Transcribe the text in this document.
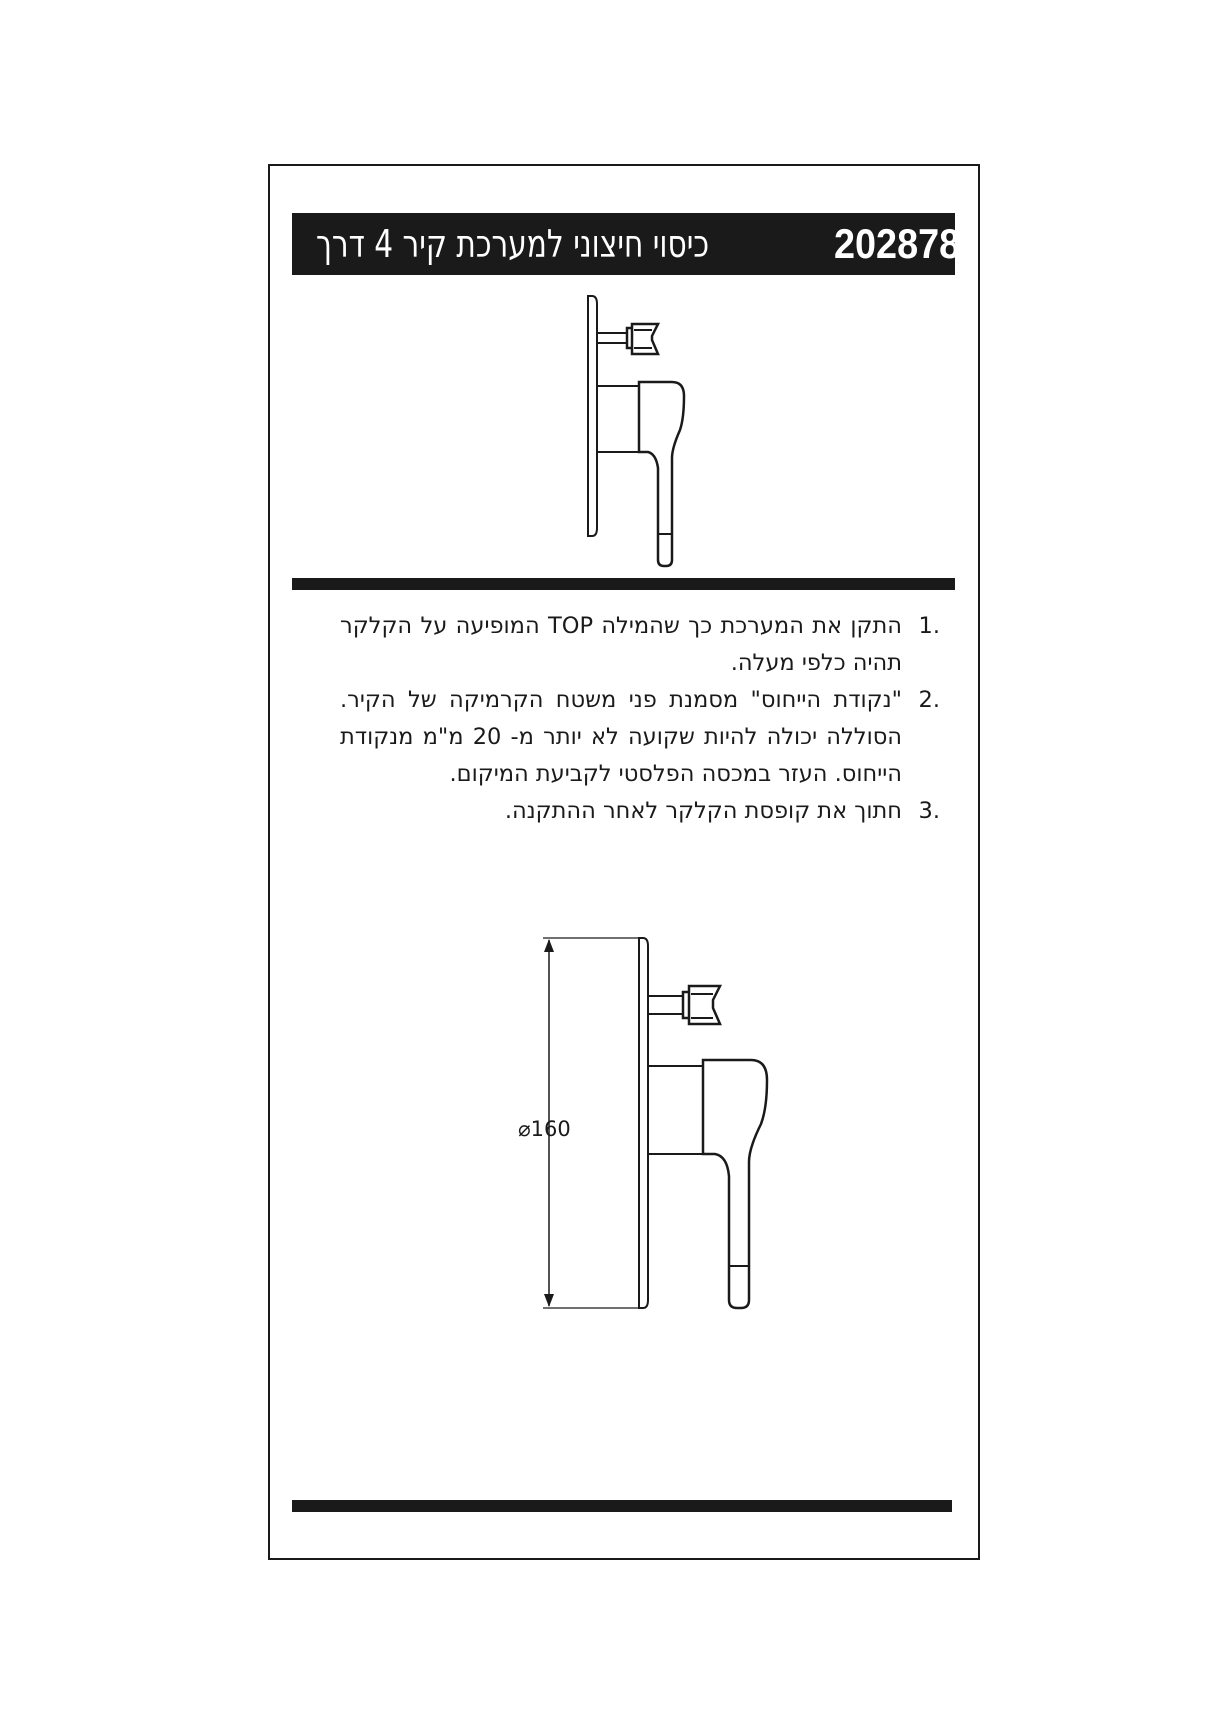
כיסוי חיצוני למערכת קיר 4 דרך	202878
1.
התקן את המערכת כך שהמילה TOP המופיעה על הקלקר תהיה כלפי מעלה.
2.
"נקודת הייחוס" מסמנת פני משטח הקרמיקה של הקיר. הסוללה יכולה להיות שקועה לא יותר מ- 20 מ"מ מנקודת הייחוס. העזר במכסה הפלסטי לקביעת המיקום.
3.
חתוך את קופסת הקלקר לאחר ההתקנה.
⌀160
